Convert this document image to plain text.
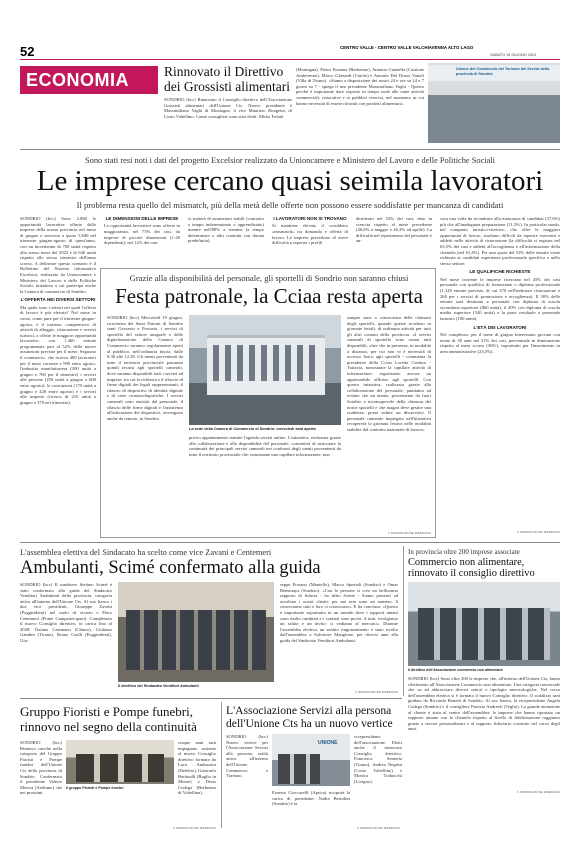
52	CENTRO VALLE - CENTRO VALLE VALCHIAVENNA ALTO LAGO
SABATO 15 GIUGNO 2024
ECONOMIA	Rinnovato il Direttivo dei Grossisti alimentari
SONDRIO (bcc) Rinnovato il Consiglio direttivo dell'Associazione Grossisti alimentari dell'Unione Cts. Nuovo presidente è Massimiliano Vaghi di Montagna, il vice Maurizio Bongetta, di Cosio Valtellino. Come consiglieri sono stati eletti: Mirko Folatti
(Montagna), Pietro Fontana (Berbenno), Antonio Guanella (Castione Andevenno), Marco Gherardi (Caiolo) e Antonio Del Dosso Vanoli (Villa di Tirano). «Siamo a disposizione dei nostri 24 e ore su 24 e 7 giorni su 7 - spiega il neo presidente Massimiliano Vaghi - Questo perché è importante dare risposte in tempo reale alle tante attività commerciali, ristorative e ai pubblici esercizi, nel momento in cui hanno necessità di essere riforniti con prodotti alimentari».
Unione del Commercio del Turismo dei Servizi della provincia di Sondrio
Sono stati resi noti i dati del progetto Excelsior realizzato da Unioncamere e Ministero del Lavoro e delle Politiche Sociali
Le imprese cercano quasi seimila lavoratori
Il problema resta quello del mismatch, più della metà delle offerte non possono essere soddisfatte per mancanza di candidati
SONDRIO (bcc) Sono 2.880 le opportunità lavorative offerte dalle imprese della nostra provincia nel mese di giugno e serivono a quota 5.840 nel trimestre giugno-agosto di quest'anno, con un incremento di 700 unità rispetto allo stesso mese del 2023 e di 640 unità rispetto allo stesso trimestre dell'anno scorso. A delineare questo scenario è il Bollettino del Sistema informativo Excelsior, realizzato da Unioncamere e Ministero del Lavoro e delle Politiche Sociali, iniziativa a cui partecipa anche la Camera di commercio di Sondrio.
L'OFFERTA NEI DIVERSI SETTORI
Ma quale sono i settori nei quali l'offerta di lavoro è più elevata? Nel mese in corso, come pure per il trimestre giugno-agosto, è il turismo, comprensivo di attività di alloggio, ristorazione e servizi turistici, a offrire le maggiori opportunità lavorative, con 1.460 entrate programmate pari al 52% delle nuove assunzioni previste per il mese. Seguono il commercio, che ricerca 490 lavoratori per il mese corrente e 990 entro agosto, l'industria manifatturiera (300 unità a giugno e 760 per il trimestre) i servizi alle persone (250 unità a giugno e 600 entro agosto), le costruzioni (170 unità a giugno e 420 entro agosto) e i servizi alle imprese (ricerca di 210 unità a giugno e 370 nel trimestre).
LE DIMENSIONI DELLE IMPRESE
Le opportunità lavorative sono offerte in maggioranza, nel 75% dei casi, da imprese di piccole dimensioni (1-49 dipendenti); nel 12% dei casi
si tratterà di assunzioni stabili (contratto a tempo indeterminato o apprendistato) mentre nell'88% a termine (a tempo determinato o altri contratti con durata predefinita).
I LAVORATORI NON SI TROVANO
Si mantiene elevato il cosiddetto «mismatch» tra domanda e offerta di lavoro. Le imprese prevedono di avere difficoltà a reperire i profili
desiderati nel 53% dei casi, dato in crescita rispetto al mese precedente (46,6% a maggio e 46,3% ad aprile). La difficoltà nel reperimento del personale è an-
cora una volta da ricondurre alla mancanza di candidati (37,6%) più che all'inadeguata preparazione (11,3%). In particolar modo, nel comparto turistico-ricettivo, che offre le maggiori opportunità di lavoro, risultano difficili da reperire esercenti e addetti nelle attività di ristorazione (la difficoltà si registra nel 63,5% dei casi e addetti all'accoglienza e all'informazione della clientela (nel 61,4%). Per una quota del 52% delle entrate viene richiesta ai candidati esperienza professionale specifica o nello stesso settore.
LE QUALIFICHE RICHIESTE
Nel mese corrente le imprese ricercano nel 45% dei casi personale con qualifica di formazione o diploma professionale (1.220 entrate previste, di cui 370 nell'indirizzo ristorazione e 260 per i servizi di promozione e accoglienza). Il 30% delle entrate sarà destinato a personale con diploma di scuola secondaria superiore (860 unità), il 20% con diploma di scuola media superiore (540 unità) e la parte residuale a personale laureato (100 unità).
L'ETÀ DEI LAVORATORI
Nel complesso, per il mese di giugno interessano giovani con meno di 30 anni nel 31% dei casi, percentuale in diminuzione rispetto al mese scorso (36%), soprattutto per l'inserimento in area amministrative (23,3%).
© RIPRODUZIONE RISERVATA
Grazie alla disponibilità del personale, gli sportelli di Sondrio non saranno chiusi
Festa patronale, la Cciaa resta aperta
SONDRIO (bcc) Mercoledì 19 giugno, ricorrenza dei Santi Patroni di Sondrio santi Gervasio e Protasio, i servizi di sportello del settore anagrafe e delle digitalizzazione della Camera di Commercio saranno regolarmente aperti al pubblico, nell'ordinaria fascia, dalle 8.30 alle 12.30. Gli utenti provenienti da tutto il territorio provinciale potranno quindi recarsi agli sportelli camerali, dove saranno disponibili tutti i servizi ad imprese, tra cui la richiesta e il rilascio di firme digitali dei legali rappresentanti, il rilascio di dispositivi di identità digitale e di carte cronotachigrafiche. I servizi camerali sono assistiti dal personale, il rilascio delle firme digitali e l'assistenza all'attivazione dei dispositivi, avvengono anche da remoto, in Sondrio.
La sede della Camera di Commercio di Sondrio: mercoledì sarà aperta
previo appuntamento tramite l'agenda servizi online. L'iniziativa, realizzata grazie alla collaborazione e alla disponibilità del personale, consentirà di assicurare la continuità dei principali servizi camerali nei confronti degli utenti provenienti da tutto il territorio provinciale che, nonostante una capillare informazione, non
sempre sono a conoscenza delle chiusure degli sportelli, quando queste ricadono in giornate feriali, di ordinaria attività per tutti gli altri comuni della provincia. «I servizi camerali di sportello sono ormai tutti disponibili, oltre che in presenza, in modalità a distanza, per cui non vi è necessità di accesso fisico agli sportelli - commenta la presidente della Cciaa Loretta Credaro - Tuttavia, nonostante la capillare attività di informazione, registriamo ancora un apprezzabile afflusso agli sportelli. Con questa iniziativa, realizzata grazie alla collaborazione del personale, puntiamo ad evitare che un utente, proveniente da fuori Sondrio e inconsapevole della chiusura dei nostri sportelli e che magari deve gestire una scadenza, possa subire un disservizio. Il personale camerale impiegato nell'iniziativa recupererà la giornata festiva nelle modalità stabilite dal contratto nazionale di lavoro».
© RIPRODUZIONE RISERVATA
L'assemblea elettiva del Sindacato ha scelto come vice Zavani e Centemeri
Ambulanti, Scimé confermato alla guida
SONDRIO (bcc) Il sondriese Stefano Scimè è stato confermato alla guida del Sindacato Venditori Ambulanti della provincia, categoria attiva all'interno dell'Unione Cts. Al suo fianco i due vice presidenti, Giuseppe Zavani (Poggiridenti) nel ruolo di vicario e Piero Centemeri (Ponte Campartecipato). Completano il nuovo Consiglio direttivo, in carica fino al 2028: Tiziano Casimano (Chiuro), Giuliano Gandini (Tirano), Bruno Grulli (Poggiridenti), Giu-
Il direttivo del Sindacato Venditori Ambulanti
seppe Protano (Mantello), Marco Speziali (Sondrio) e Omar Bensmaya (Sondrio). «Con le persone si crea un bellissimo rapporto di fiducia - ha detto Scimè - Siamo presenti ad ascoltare i nostri clienti: per noi non sono un numero, li conosciamo tutti e loro ci conoscono». E ha concluso: «Questo è importante soprattutto in un mondo dove i rapporti umani sono molto cambiati e i contatti sono pochi. A tutti, rivolgiamo un saluto e un invito: ci vediamo al mercato». Durante l'assemblea elettiva, un sentito ringraziamento è stato rivolto dall'assemblea a Salvatore Mangione, per diversi anni alla guida del Sindacato Venditori Ambulanti.
© RIPRODUZIONE RISERVATA
In provincia oltre 200 imprese associate
Commercio non alimentare, rinnovato il consiglio direttivo
Il direttivo dell'Associazione commercio non alimentare
SONDRIO (bcc) Sono oltre 200 le imprese che, all'interno dell'Unione Cts, fanno riferimento all'Associazione Commercio non alimentare. Una categoria trasversale che va ad abbracciare diversi settori e tipologie merceologiche. Nel corso dell'assemblea elettiva si è formato il nuovo Consiglio direttivo. Il sodalizio sarà guidato da Riccardo Bonetti di Sondrio. Al suo fianco, la vicepresidente Angela Codega (Sondrio) e il consigliere Patrizio Andreoli (Teglio). La grande attenzione al cliente è stata al centro dell'assemblea: le imprese che hanno riportato un rapporto umano con la clientela rispetto al livello di fidelizzazione raggiunto grazie a servizi personalizzati e al rapporto fiduciario costruito nel corso degli anni.
© RIPRODUZIONE RISERVATA
Gruppo Fioristi e Pompe funebri, rinnovo nel segno della continuità
SONDRIO (bcc) Rinnovo cariche nella categoria del Gruppo Fioristi e Pompe funebri dell'Unione Cts della provincia di Sondrio. Confermato il presidente Valerio Mescia (Ardenno) che nei prossimi
Il gruppo Fioristi e Pompe funebri
cinque anni sarà impegnato assieme al nuovo Consiglio direttivo formato da Luca Ambrosini (Delebio), Giancarlo Bertinalli (Buglio in Monte) e Desis Codega (Berbenno di Valtellina).
© RIPRODUZIONE RISERVATA
L'Associazione Servizi alla persona dell'Unione Cts ha un nuovo vertice
SONDRIO (bcc) Nuovo vertice per l'Associazione Servizi alla persona, realtà attiva all'interno dell'Unione Commercio e Turismo.
UNIONE
Ernesto Cioccarelli (Aprica) ricoprirà la carica di presidente. Nadia Bertolini (Sondrio) è la
vicepresidente dell'associazione. Eletti anche il rinnovato Consiglio direttivo: Francesca Semeria (Tirano), Andrea Negrini (Cosio Valtellino) e Monica Trabucchi (Livigno).
© RIPRODUZIONE RISERVATA
